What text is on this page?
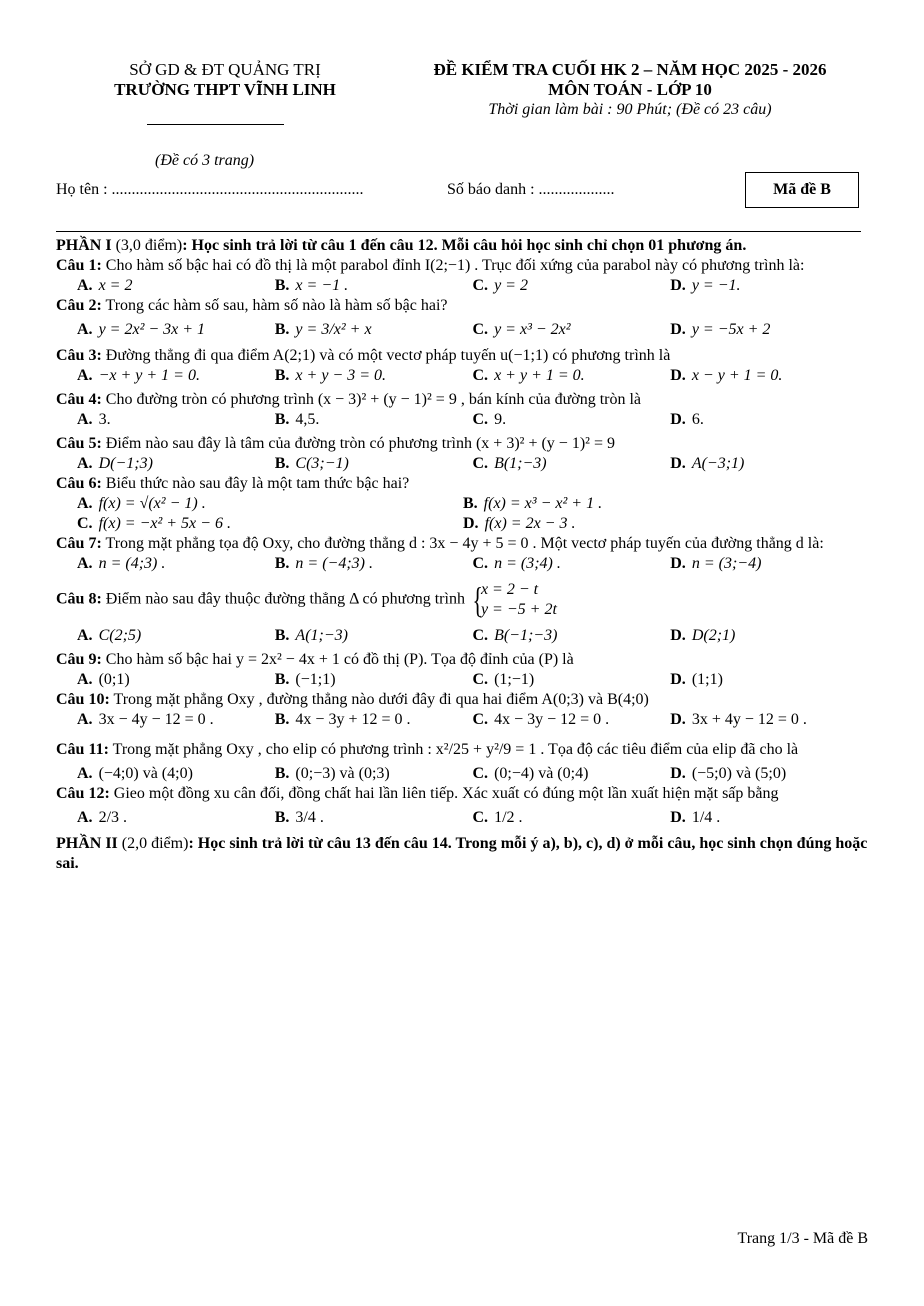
SỞ GD & ĐT QUẢNG TRỊ
TRƯỜNG THPT VĨNH LINH
ĐỀ KIỂM TRA CUỐI HK 2 – NĂM HỌC 2025 - 2026
MÔN TOÁN - LỚP 10
Thời gian làm bài : 90 Phút; (Đề có 23 câu)
(Đề có 3 trang)
Họ tên : ...............................................................	Số báo danh : ...................	Mã đề B

PHẦN I (3,0 điểm): Học sinh trả lời từ câu 1 đến câu 12. Mỗi câu hỏi học sinh chỉ chọn 01 phương án.

Câu 1: Cho hàm số bậc hai có đồ thị là một parabol đỉnh I(2;−1) . Trục đối xứng của parabol này có phương trình là:

A. x = 2	B. x = −1 .	C. y = 2	D. y = −1.

Câu 2: Trong các hàm số sau, hàm số nào là hàm số bậc hai?

A. y = 2x² − 3x + 1	B. y = 3/x² + x	C. y = x³ − 2x²	D. y = −5x + 2

Câu 3: Đường thẳng đi qua điểm A(2;1) và có một vectơ pháp tuyến u(−1;1) có phương trình là

A. −x + y + 1 = 0.	B. x + y − 3 = 0.	C. x + y + 1 = 0.	D. x − y + 1 = 0.

Câu 4: Cho đường tròn có phương trình (x − 3)² + (y − 1)² = 9 , bán kính của đường tròn là

A. 3.	B. 4,5.	C. 9.	D. 6.

Câu 5: Điểm nào sau đây là tâm của đường tròn có phương trình (x + 3)² + (y − 1)² = 9

A. D(−1;3)	B. C(3;−1)	C. B(1;−3)	D. A(−3;1)

Câu 6: Biểu thức nào sau đây là một tam thức bậc hai?

A. f(x) = √(x² − 1) .	B. f(x) = x³ − x² + 1 .
C. f(x) = −x² + 5x − 6 .	D. f(x) = 2x − 3 .

Câu 7: Trong mặt phẳng tọa độ Oxy, cho đường thẳng d : 3x − 4y + 5 = 0 . Một vectơ pháp tuyến của đường thẳng d là:

A. n = (4;3) .	B. n = (−4;3) .	C. n = (3;4) .	D. n = (3;−4)

Câu 8: Điểm nào sau đây thuộc đường thẳng Δ có phương trình
{ x = 2 − t
y = −5 + 2t

A. C(2;5)	B. A(1;−3)	C. B(−1;−3)	D. D(2;1)

Câu 9: Cho hàm số bậc hai y = 2x² − 4x + 1 có đồ thị (P). Tọa độ đỉnh của (P) là

A. (0;1)	B. (−1;1)	C. (1;−1)	D. (1;1)

Câu 10: Trong mặt phẳng Oxy , đường thẳng nào dưới đây đi qua hai điểm A(0;3) và B(4;0)

A. 3x − 4y − 12 = 0 .	B. 4x − 3y + 12 = 0 .	C. 4x − 3y − 12 = 0 .	D. 3x + 4y − 12 = 0 .

Câu 11: Trong mặt phẳng Oxy , cho elip có phương trình : x²/25 + y²/9 = 1 . Tọa độ các tiêu điểm của elip đã cho là

A. (−4;0) và (4;0)	B. (0;−3) và (0;3)	C. (0;−4) và (0;4)	D. (−5;0) và (5;0)

Câu 12: Gieo một đồng xu cân đối, đồng chất hai lần liên tiếp. Xác xuất có đúng một lần xuất hiện mặt sấp bằng

A. 2/3 .	B. 3/4 .	C. 1/2 .	D. 1/4 .

PHẦN II (2,0 điểm): Học sinh trả lời từ câu 13 đến câu 14. Trong mỗi ý a), b), c), d) ở mỗi câu, học sinh chọn đúng hoặc sai.

Trang 1/3 - Mã đề B
